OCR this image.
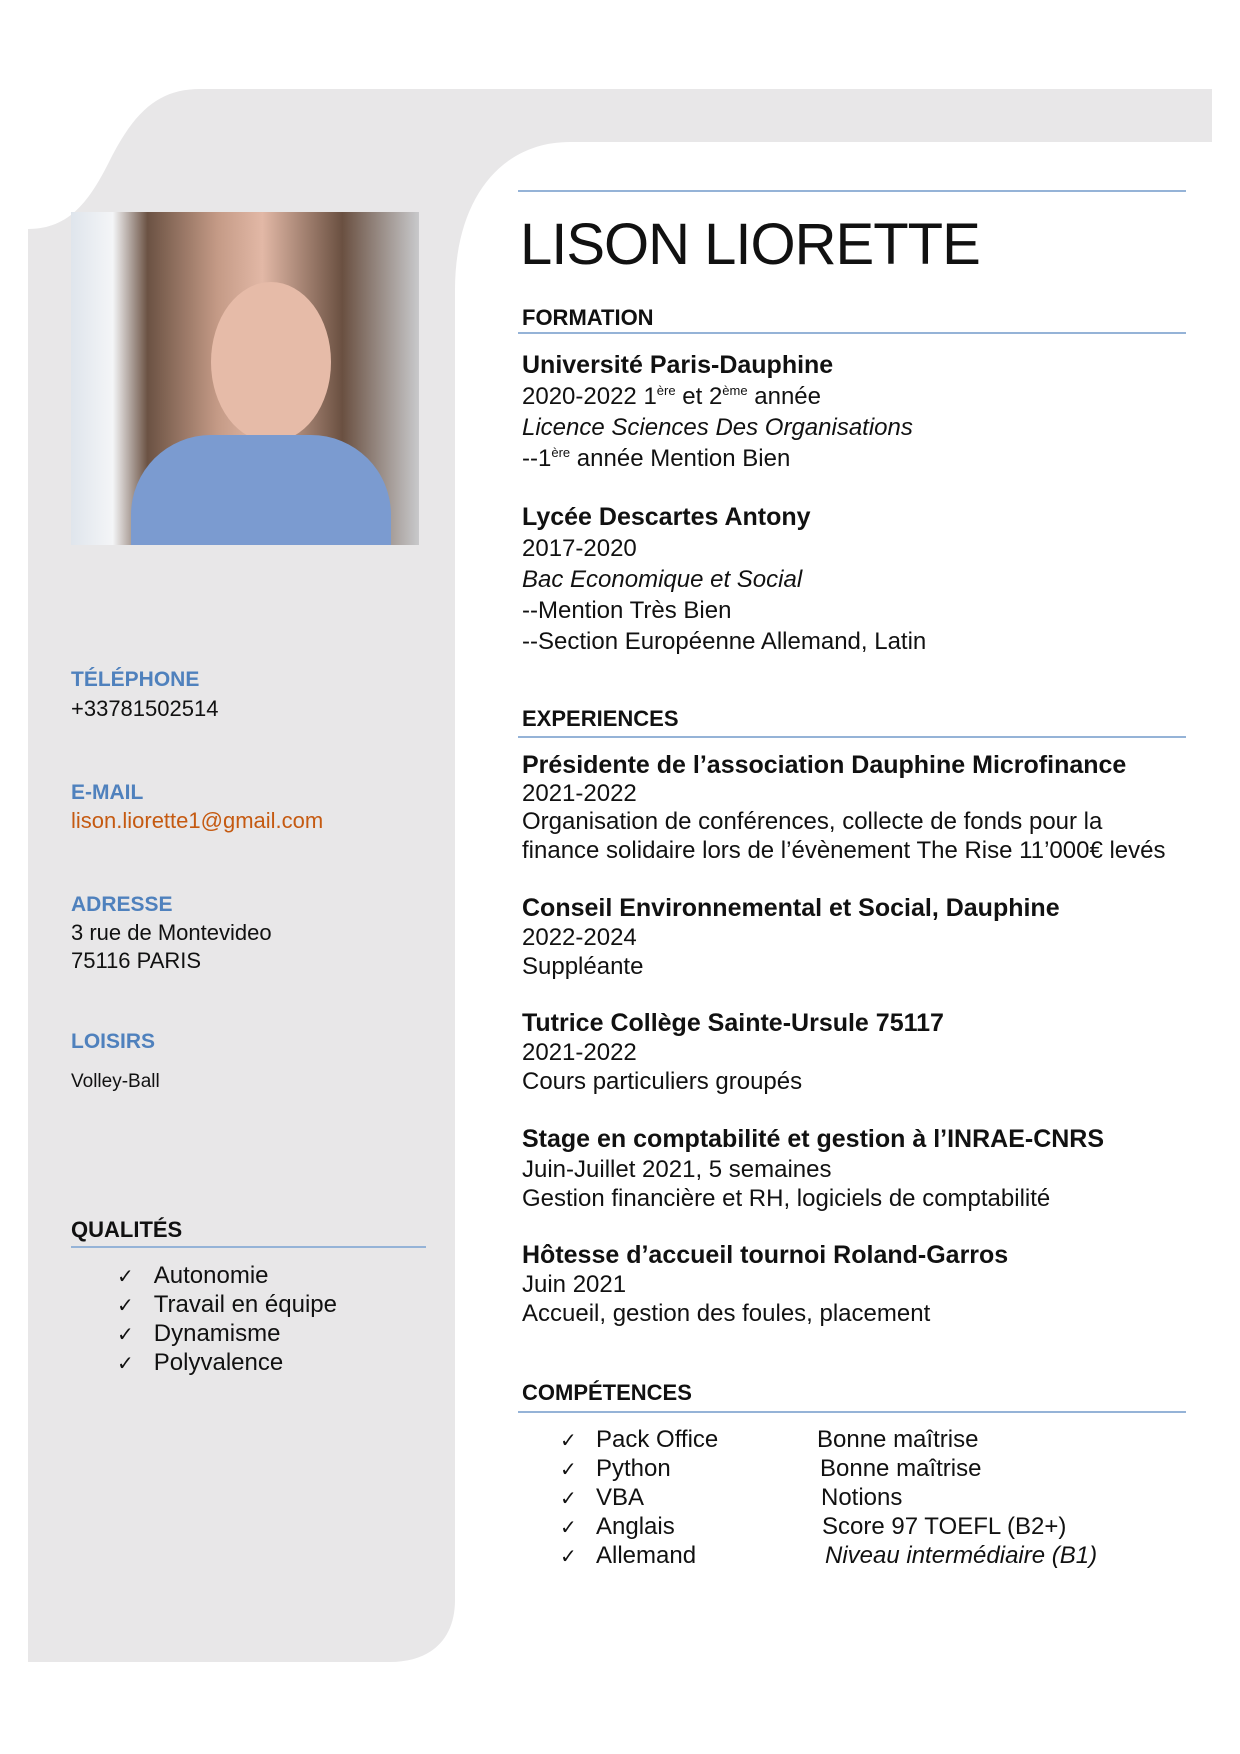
TÉLÉPHONE
+33781502514
E-MAIL
lison.liorette1@gmail.com
ADRESSE
3 rue de Montevideo
75116 PARIS
LOISIRS
Volley-Ball
QUALITÉS
✓ Autonomie
✓ Travail en équipe
✓ Dynamisme
✓ Polyvalence
LISON LIORETTE
FORMATION
Université Paris-Dauphine
2020-2022 1ère et 2ème année
Licence Sciences Des Organisations
--1ère année Mention Bien
Lycée Descartes Antony
2017-2020
Bac Economique et Social
--Mention Très Bien
--Section Européenne Allemand, Latin
EXPERIENCES
Présidente de l’association Dauphine Microfinance
2021-2022
Organisation de conférences, collecte de fonds pour la
finance solidaire lors de l’évènement The Rise 11’000€ levés
Conseil Environnemental et Social, Dauphine
2022-2024
Suppléante
Tutrice Collège Sainte-Ursule 75117
2021-2022
Cours particuliers groupés
Stage en comptabilité et gestion à l’INRAE-CNRS
Juin-Juillet 2021, 5 semaines
Gestion financière et RH, logiciels de comptabilité
Hôtesse d’accueil tournoi Roland-Garros
Juin 2021
Accueil, gestion des foules, placement
COMPÉTENCES
✓ Pack Office	Bonne maîtrise
✓ Python	Bonne maîtrise
✓ VBA	Notions
✓ Anglais	Score 97 TOEFL (B2+)
✓ Allemand	Niveau intermédiaire (B1)
